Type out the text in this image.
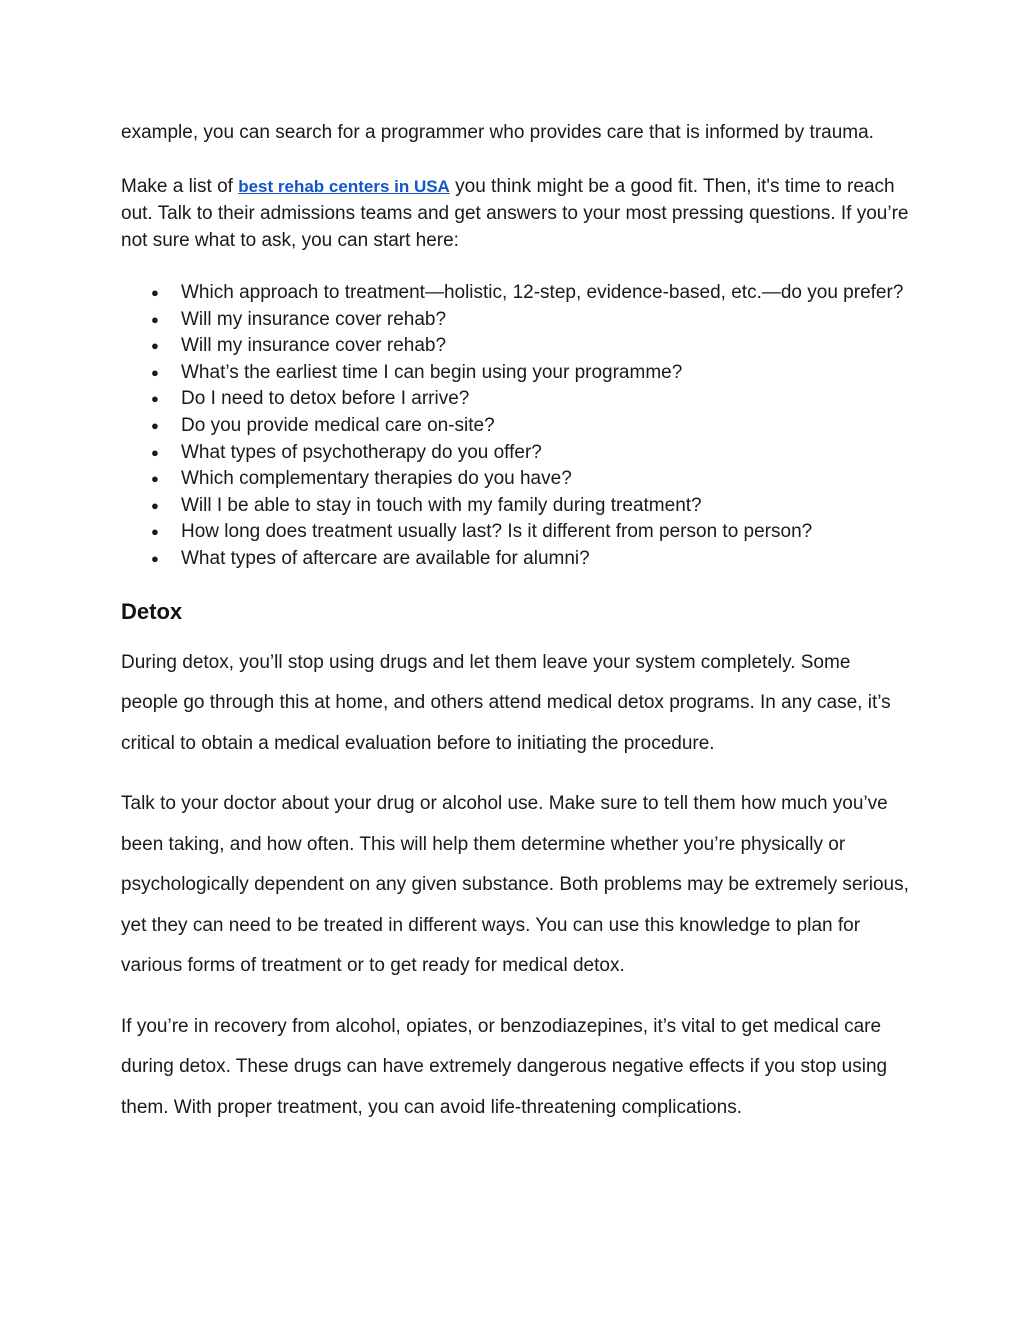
example, you can search for a programmer who provides care that is informed by trauma.

Make a list of best rehab centers in USA you think might be a good fit. Then, it's time to reach out. Talk to their admissions teams and get answers to your most pressing questions. If you’re not sure what to ask, you can start here:

● Which approach to treatment—holistic, 12-step, evidence-based, etc.—do you prefer?
● Will my insurance cover rehab?
● Will my insurance cover rehab?
● What’s the earliest time I can begin using your programme?
● Do I need to detox before I arrive?
● Do you provide medical care on-site?
● What types of psychotherapy do you offer?
● Which complementary therapies do you have?
● Will I be able to stay in touch with my family during treatment?
● How long does treatment usually last? Is it different from person to person?
● What types of aftercare are available for alumni?
Detox

During detox, you’ll stop using drugs and let them leave your system completely. Some people go through this at home, and others attend medical detox programs. In any case, it’s critical to obtain a medical evaluation before to initiating the procedure.

Talk to your doctor about your drug or alcohol use. Make sure to tell them how much you’ve been taking, and how often. This will help them determine whether you’re physically or psychologically dependent on any given substance. Both problems may be extremely serious, yet they can need to be treated in different ways. You can use this knowledge to plan for various forms of treatment or to get ready for medical detox.

If you’re in recovery from alcohol, opiates, or benzodiazepines, it’s vital to get medical care during detox. These drugs can have extremely dangerous negative effects if you stop using them. With proper treatment, you can avoid life-threatening complications.
